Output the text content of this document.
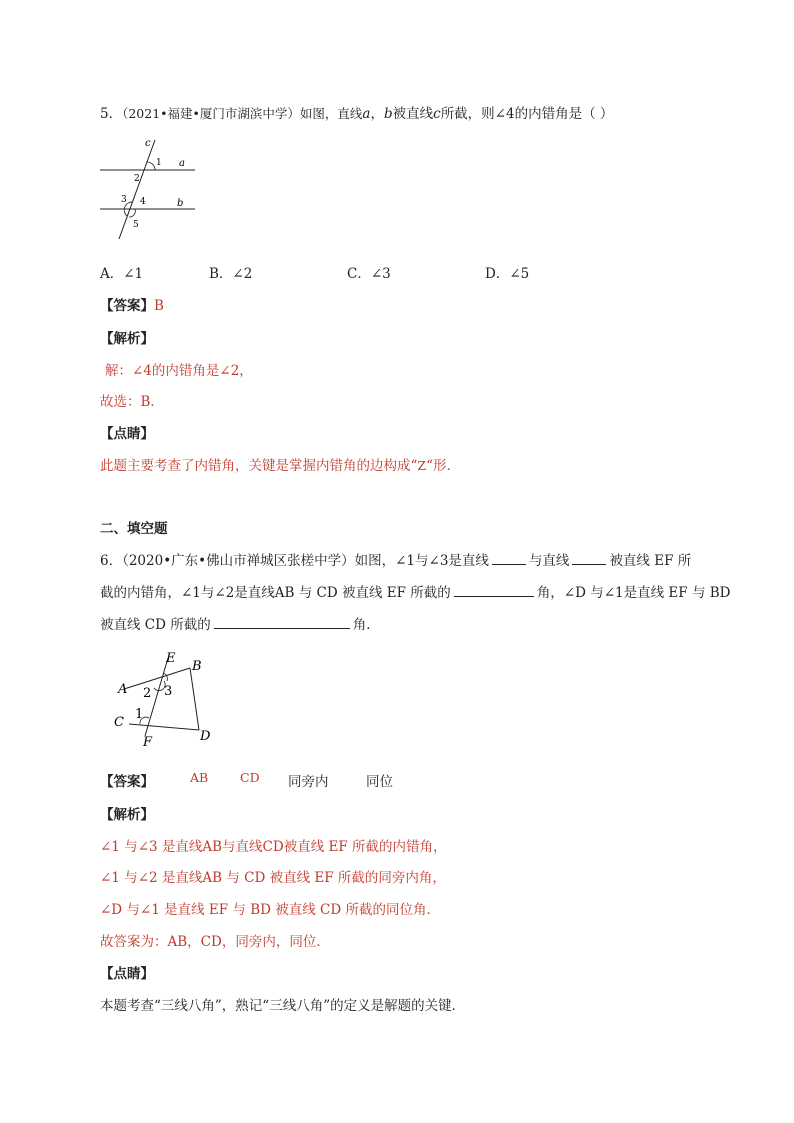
5．（2021•福建•厦门市湖滨中学）如图，直线a，b被直线c所截，则∠4的内错角是（ ）
c
a
b
1
2
3 4
5
A．∠1	B．∠2	C．∠3	D．∠5
【答案】B
【解析】
解：∠4的内错角是∠2，
故选：B．
【点睛】
此题主要考查了内错角，关键是掌握内错角的边构成“Z“形．
二、填空题
6．（2020•广东•佛山市禅城区张槎中学）如图，∠1与∠3是直线	与直线	被直线 EF 所
截的内错角，∠1与∠2是直线AB 与 CD 被直线 EF 所截的	角，∠D 与∠1是直线 EF 与 BD
被直线 CD 所截的	角．
E
B
A 2 3
C
1
F	D
【答案】	AB	CD 同旁内	同位
【解析】
∠1 与∠3 是直线AB与直线CD被直线 EF 所截的内错角，
∠1 与∠2 是直线AB 与 CD 被直线 EF 所截的同旁内角，
∠D 与∠1 是直线 EF 与 BD 被直线 CD 所截的同位角．
故答案为：AB，CD，同旁内，同位．
【点睛】
本题考查“三线八角”，熟记“三线八角”的定义是解题的关键．
